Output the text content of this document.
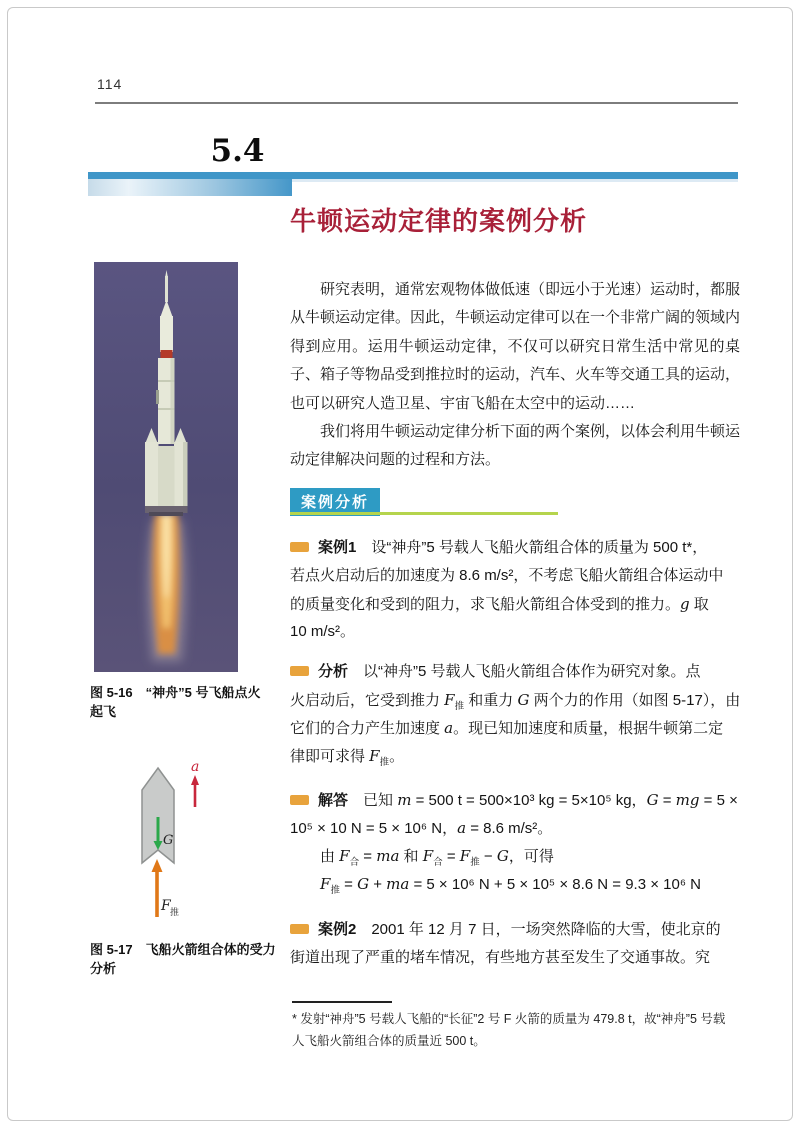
114
5.4
牛顿运动定律的案例分析
图 5-16　“神舟”5 号飞船点火起飞
a
G
F 推
图 5-17　飞船火箭组合体的受力分析

研究表明，通常宏观物体做低速（即远小于光速）运动时，都服从牛顿运动定律。因此，牛顿运动定律可以在一个非常广阔的领域内得到应用。运用牛顿运动定律，不仅可以研究日常生活中常见的桌子、箱子等物品受到推拉时的运动，汽车、火车等交通工具的运动，也可以研究人造卫星、宇宙飞船在太空中的运动……

我们将用牛顿运动定律分析下面的两个案例，以体会利用牛顿运动定律解决问题的过程和方法。

案例分析
案例1　设“神舟”5 号载人飞船火箭组合体的质量为 500 t*，
若点火启动后的加速度为 8.6 m/s²，不考虑飞船火箭组合体运动中
的质量变化和受到的阻力，求飞船火箭组合体受到的推力。g 取
10 m/s²。
分析　以“神舟”5 号载人飞船火箭组合体作为研究对象。点
火启动后，它受到推力 $F_推$ 和重力 G 两个力的作用（如图 5-17），由
它们的合力产生加速度 a。现已知加速度和质量，根据牛顿第二定
律即可求得 $F_推$。
解答　已知 m = 500 t = 500×10³ kg = 5×10⁵ kg，G = mg = 5 ×
10⁵ × 10 N = 5 × 10⁶ N，a = 8.6 m/s²。
　　由 $F_合$ = ma 和 $F_合 = F_推 - G$，可得
　　$F_推 = G$ + ma = 5 × 10⁶ N + 5 × 10⁵ × 8.6 N = 9.3 × 10⁶ N
案例2　2001 年 12 月 7 日，一场突然降临的大雪，使北京的
街道出现了严重的堵车情况，有些地方甚至发生了交通事故。究
* 发射“神舟”5 号载人飞船的“长征”2 号 F 火箭的质量为 479.8 t，故“神舟”5 号载
人飞船火箭组合体的质量近 500 t。
